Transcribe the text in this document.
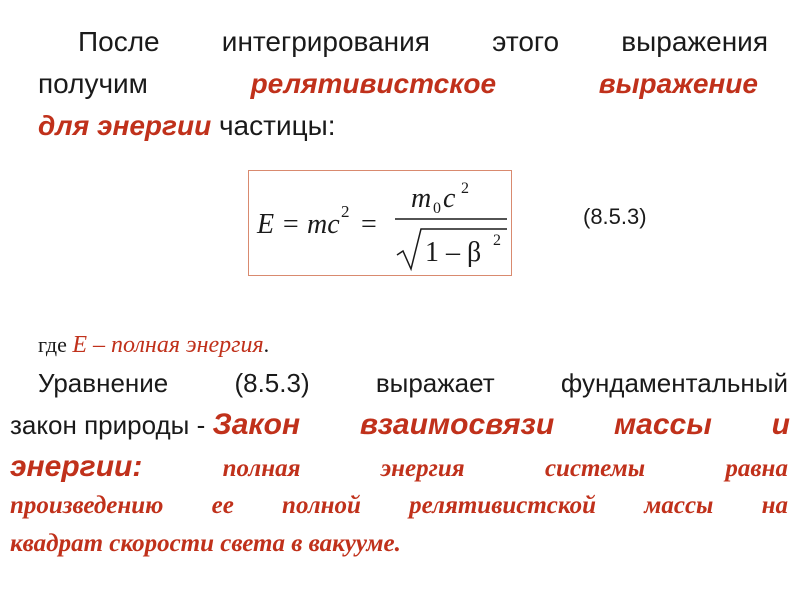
После интегрирования этого выражения
получим	релятивистское	выражение
для энергии частицы:
E = mc 2 =
m 0 c 2
1 – β 2
(8.5.3)
где E – полная энергия.
Уравнение	(8.5.3)	выражает	фундаментальный
закон природы - Закон взаимосвязи массы и
энергии:	полная	энергия	системы	равна
произведению ее полной релятивистской массы на
квадрат скорости света в вакууме.
